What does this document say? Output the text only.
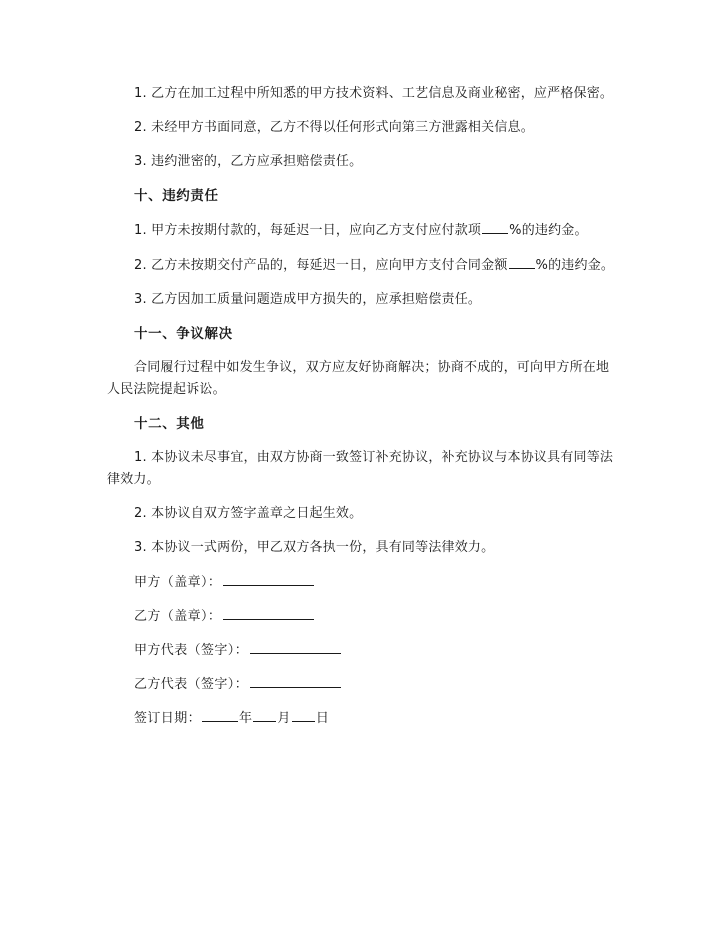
1. 乙方在加工过程中所知悉的甲方技术资料、工艺信息及商业秘密，应严格保密。

2. 未经甲方书面同意，乙方不得以任何形式向第三方泄露相关信息。

3. 违约泄密的，乙方应承担赔偿责任。

十、违约责任

1. 甲方未按期付款的，每延迟一日，应向乙方支付应付款项 %的违约金。

2. 乙方未按期交付产品的，每延迟一日，应向甲方支付合同金额 %的违约金。

3. 乙方因加工质量问题造成甲方损失的，应承担赔偿责任。

十一、争议解决

合同履行过程中如发生争议，双方应友好协商解决；协商不成的，可向甲方所在地人民法院提起诉讼。

十二、其他

1. 本协议未尽事宜，由双方协商一致签订补充协议，补充协议与本协议具有同等法律效力。

2. 本协议自双方签字盖章之日起生效。

3. 本协议一式两份，甲乙双方各执一份，具有同等法律效力。

甲方（盖章）：
乙方（盖章）：
甲方代表（签字）：
乙方代表（签字）：
签订日期：	年 月 日
